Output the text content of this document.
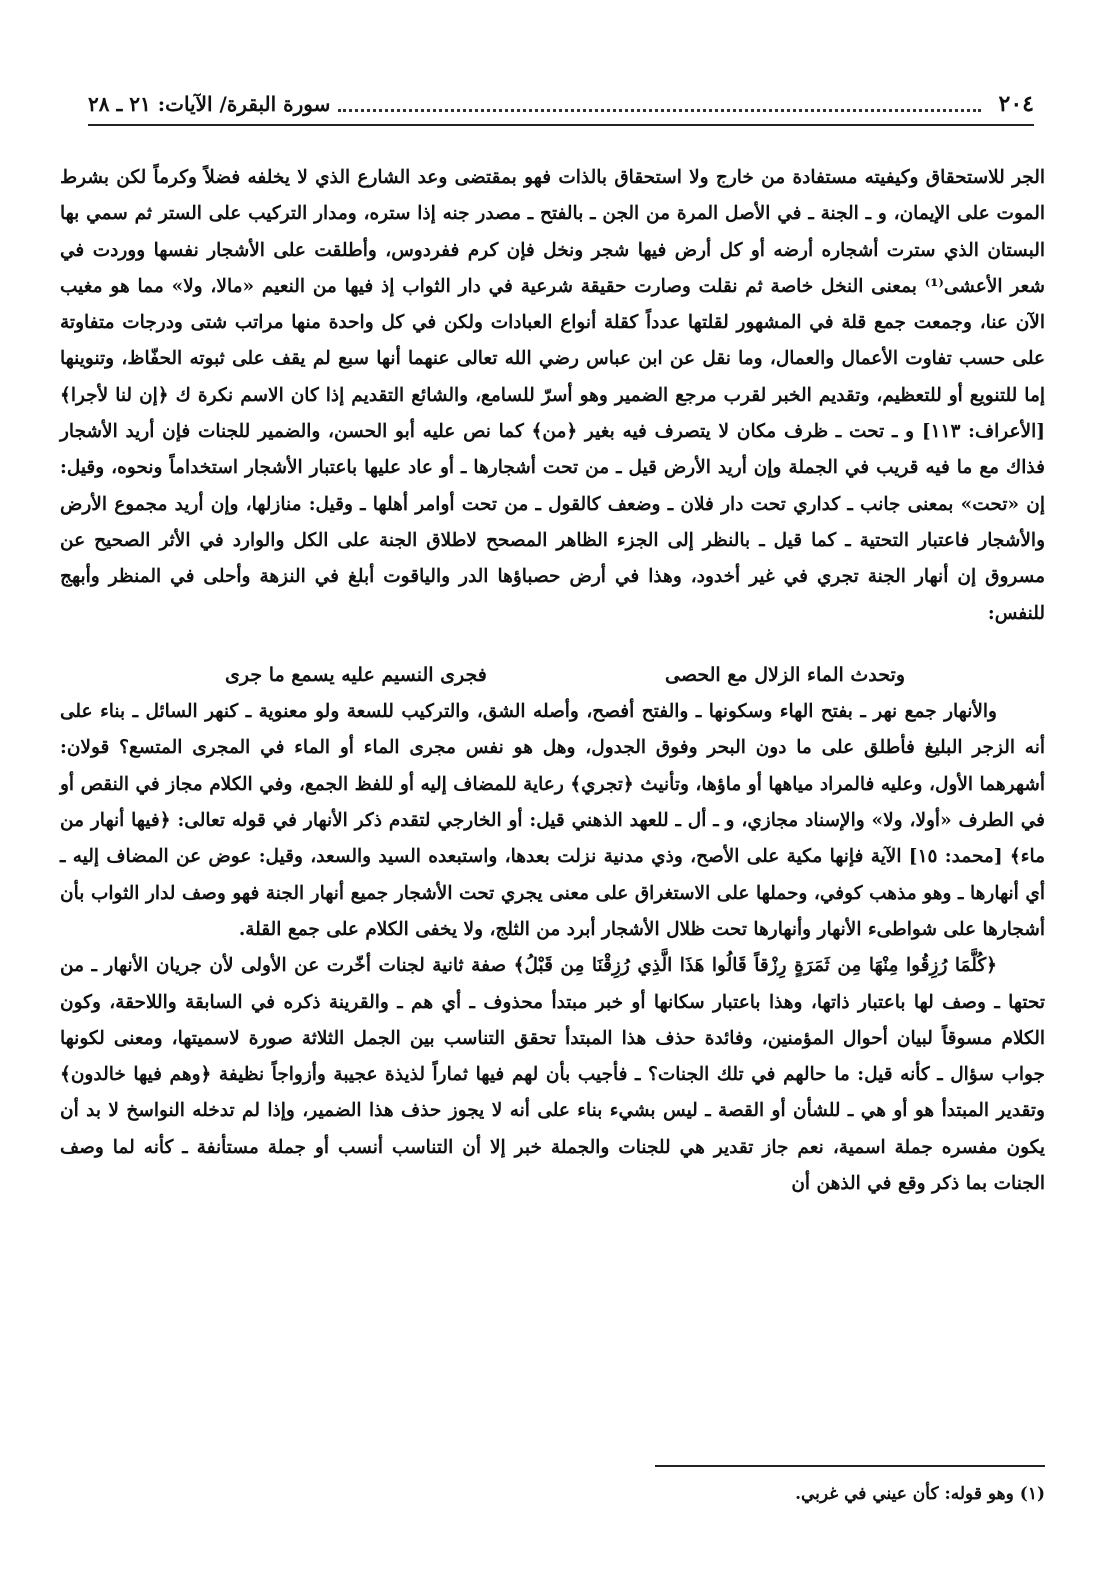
٢٠٤
سورة البقرة/ الآيات: ٢١ ـ ٢٨

الجر للاستحقاق وكيفيته مستفادة من خارج ولا استحقاق بالذات فهو بمقتضى وعد الشارع الذي لا يخلفه فضلاً وكرماً لكن بشرط الموت على الإيمان، و ـ الجنة ـ في الأصل المرة من الجن ـ بالفتح ـ مصدر جنه إذا ستره، ومدار التركيب على الستر ثم سمي بها البستان الذي سترت أشجاره أرضه أو كل أرض فيها شجر ونخل فإن كرم ففردوس، وأطلقت على الأشجار نفسها ووردت في شعر الأعشى⁽¹⁾ بمعنى النخل خاصة ثم نقلت وصارت حقيقة شرعية في دار الثواب إذ فيها من النعيم «مالا، ولا» مما هو مغيب الآن عنا، وجمعت جمع قلة في المشهور لقلتها عدداً كقلة أنواع العبادات ولكن في كل واحدة منها مراتب شتى ودرجات متفاوتة على حسب تفاوت الأعمال والعمال، وما نقل عن ابن عباس رضي الله تعالى عنهما أنها سبع لم يقف على ثبوته الحفّاظ، وتنوينها إما للتنويع أو للتعظيم، وتقديم الخبر لقرب مرجع الضمير وهو أسرّ للسامع، والشائع التقديم إذا كان الاسم نكرة ك ﴿إن لنا لأجرا﴾ [الأعراف: ١١٣] و ـ تحت ـ ظرف مكان لا يتصرف فيه بغير ﴿من﴾ كما نص عليه أبو الحسن، والضمير للجنات فإن أريد الأشجار فذاك مع ما فيه قريب في الجملة وإن أريد الأرض قيل ـ من تحت أشجارها ـ أو عاد عليها باعتبار الأشجار استخداماً ونحوه، وقيل: إن «تحت» بمعنى جانب ـ كداري تحت دار فلان ـ وضعف كالقول ـ من تحت أوامر أهلها ـ وقيل: منازلها، وإن أريد مجموع الأرض والأشجار فاعتبار التحتية ـ كما قيل ـ بالنظر إلى الجزء الظاهر المصحح لاطلاق الجنة على الكل والوارد في الأثر الصحيح عن مسروق إن أنهار الجنة تجري في غير أخدود، وهذا في أرض حصباؤها الدر والياقوت أبلغ في النزهة وأحلى في المنظر وأبهج للنفس:

وتحدث الماء الزلال مع الحصى
فجرى النسيم عليه يسمع ما جرى

والأنهار جمع نهر ـ بفتح الهاء وسكونها ـ والفتح أفصح، وأصله الشق، والتركيب للسعة ولو معنوية ـ كنهر السائل ـ بناء على أنه الزجر البليغ فأطلق على ما دون البحر وفوق الجدول، وهل هو نفس مجرى الماء أو الماء في المجرى المتسع؟ قولان: أشهرهما الأول، وعليه فالمراد مياهها أو ماؤها، وتأنيث ﴿تجري﴾ رعاية للمضاف إليه أو للفظ الجمع، وفي الكلام مجاز في النقص أو في الطرف «أولا، ولا» والإسناد مجازي، و ـ أل ـ للعهد الذهني قيل: أو الخارجي لتقدم ذكر الأنهار في قوله تعالى: ﴿فيها أنهار من ماء﴾ [محمد: ١٥] الآية فإنها مكية على الأصح، وذي مدنية نزلت بعدها، واستبعده السيد والسعد، وقيل: عوض عن المضاف إليه ـ أي أنهارها ـ وهو مذهب كوفي، وحملها على الاستغراق على معنى يجري تحت الأشجار جميع أنهار الجنة فهو وصف لدار الثواب بأن أشجارها على شواطىء الأنهار وأنهارها تحت ظلال الأشجار أبرد من الثلج، ولا يخفى الكلام على جمع القلة.

﴿كُلَّمَا رُزِقُوا مِنْهَا مِن ثَمَرَةٍ رِزْقاً قَالُوا هَذَا الَّذِي رُزِقْنَا مِن قَبْلُ﴾ صفة ثانية لجنات أخّرت عن الأولى لأن جريان الأنهار ـ من تحتها ـ وصف لها باعتبار ذاتها، وهذا باعتبار سكانها أو خبر مبتدأ محذوف ـ أي هم ـ والقرينة ذكره في السابقة واللاحقة، وكون الكلام مسوقاً لبيان أحوال المؤمنين، وفائدة حذف هذا المبتدأ تحقق التناسب بين الجمل الثلاثة صورة لاسميتها، ومعنى لكونها جواب سؤال ـ كأنه قيل: ما حالهم في تلك الجنات؟ ـ فأجيب بأن لهم فيها ثماراً لذيذة عجيبة وأزواجاً نظيفة ﴿وهم فيها خالدون﴾ وتقدير المبتدأ هو أو هي ـ للشأن أو القصة ـ ليس بشيء بناء على أنه لا يجوز حذف هذا الضمير، وإذا لم تدخله النواسخ لا بد أن يكون مفسره جملة اسمية، نعم جاز تقدير هي للجنات والجملة خبر إلا أن التناسب أنسب أو جملة مستأنفة ـ كأنه لما وصف الجنات بما ذكر وقع في الذهن أن

(١) وهو قوله: كأن عيني في غربي.
